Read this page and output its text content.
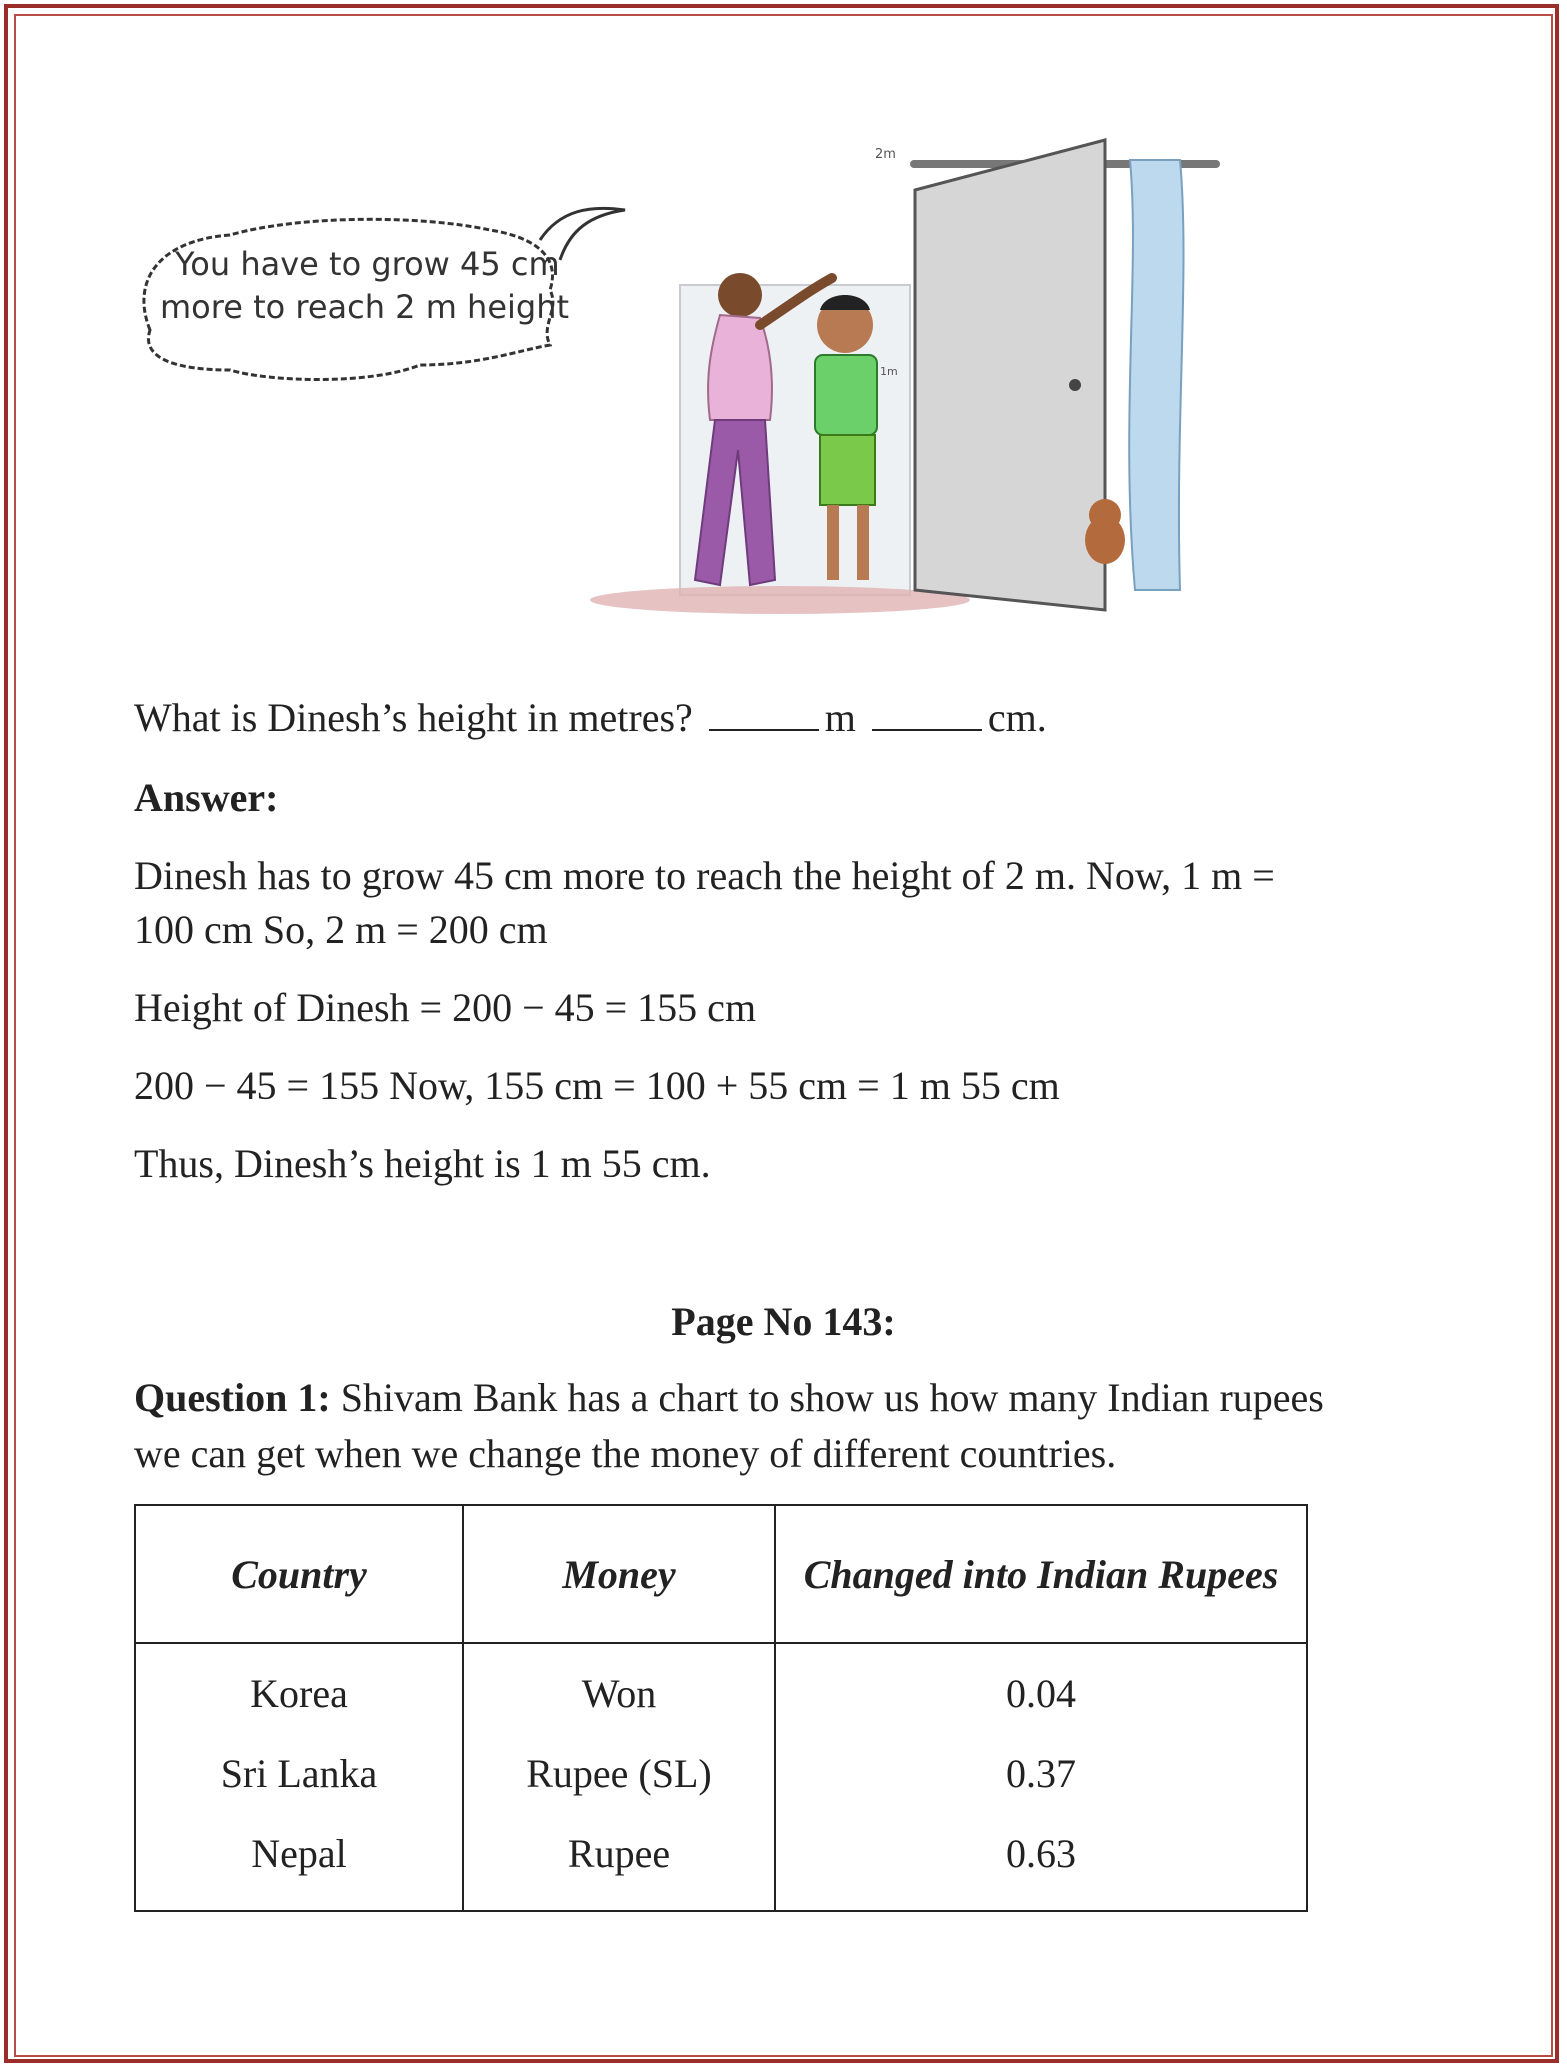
You have to grow 45 cm
more to reach 2 m height
2m
1m
What is Dinesh’s height in metres?	m	cm.
Answer:
Dinesh has to grow 45 cm more to reach the height of 2 m. Now, 1 m =
100 cm So, 2 m = 200 cm
Height of Dinesh = 200 − 45 = 155 cm
200 − 45 = 155 Now, 155 cm = 100 + 55 cm = 1 m 55 cm
Thus, Dinesh’s height is 1 m 55 cm.
Page No 143:
Question 1: Shivam Bank has a chart to show us how many Indian rupees
we can get when we change the money of different countries.
Country	Money	Changed into Indian Rupees
Korea	Won	0.04
Sri Lanka	Rupee (SL)	0.37
Nepal	Rupee	0.63
